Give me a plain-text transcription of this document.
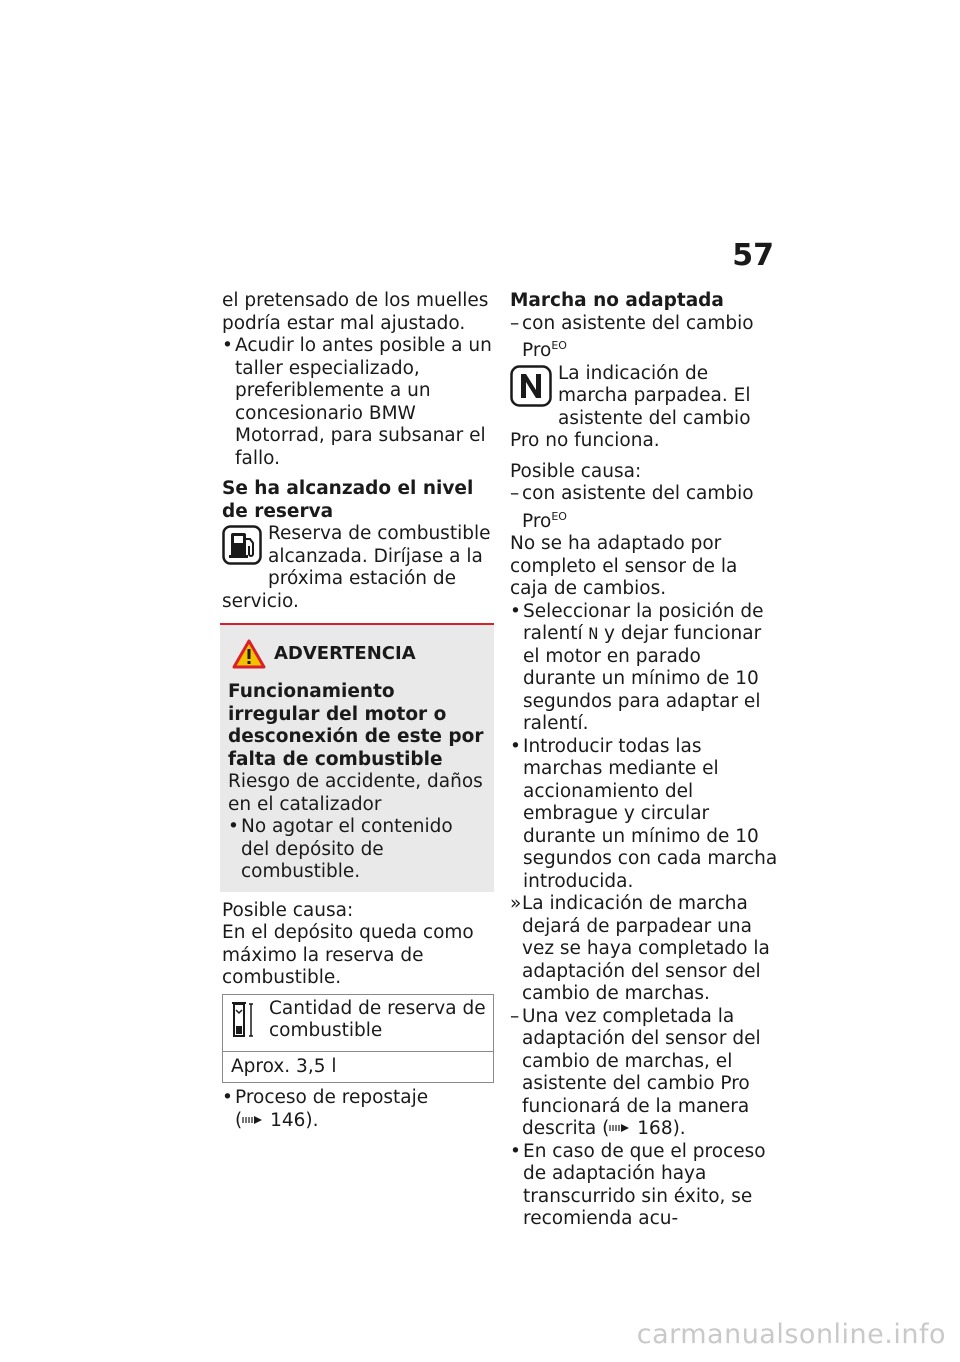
57

el pretensado de los muelles podría estar mal ajustado.

• Acudir lo antes posible a un taller especializado, preferiblemente a un concesionario BMW Motorrad, para subsanar el fallo.

Se ha alcanzado el nivel de reserva

Reserva de combustible alcanzada. Diríjase a la próxima estación de servicio.

ADVERTENCIA

Funcionamiento irregular del motor o desconexión de este por falta de combustible

Riesgo de accidente, daños en el catalizador

• No agotar el contenido del depósito de combustible.

Posible causa:

En el depósito queda como máximo la reserva de combustible.

Cantidad de reserva de combustible
Aprox. 3,5 l

• Proceso de repostaje
( 146).

Marcha no adaptada

– con asistente del cambio Pro$^{EO}$

La indicación de marcha parpadea. El asistente del cambio Pro no funciona.

Posible causa:

– con asistente del cambio Pro$^{EO}$

No se ha adaptado por completo el sensor de la caja de cambios.

• Seleccionar la posición de ralentí N y dejar funcionar el motor en parado durante un mínimo de 10 segundos para adaptar el ralentí.

• Introducir todas las marchas mediante el accionamiento del embrague y circular durante un mínimo de 10 segundos con cada marcha introducida.

» La indicación de marcha dejará de parpadear una vez se haya completado la adaptación del sensor del cambio de marchas.

– Una vez completada la adaptación del sensor del cambio de marchas, el asistente del cambio Pro funcionará de la manera descrita ( 168).

• En caso de que el proceso de adaptación haya transcurrido sin éxito, se recomienda acu-

carmanualsonline.info
